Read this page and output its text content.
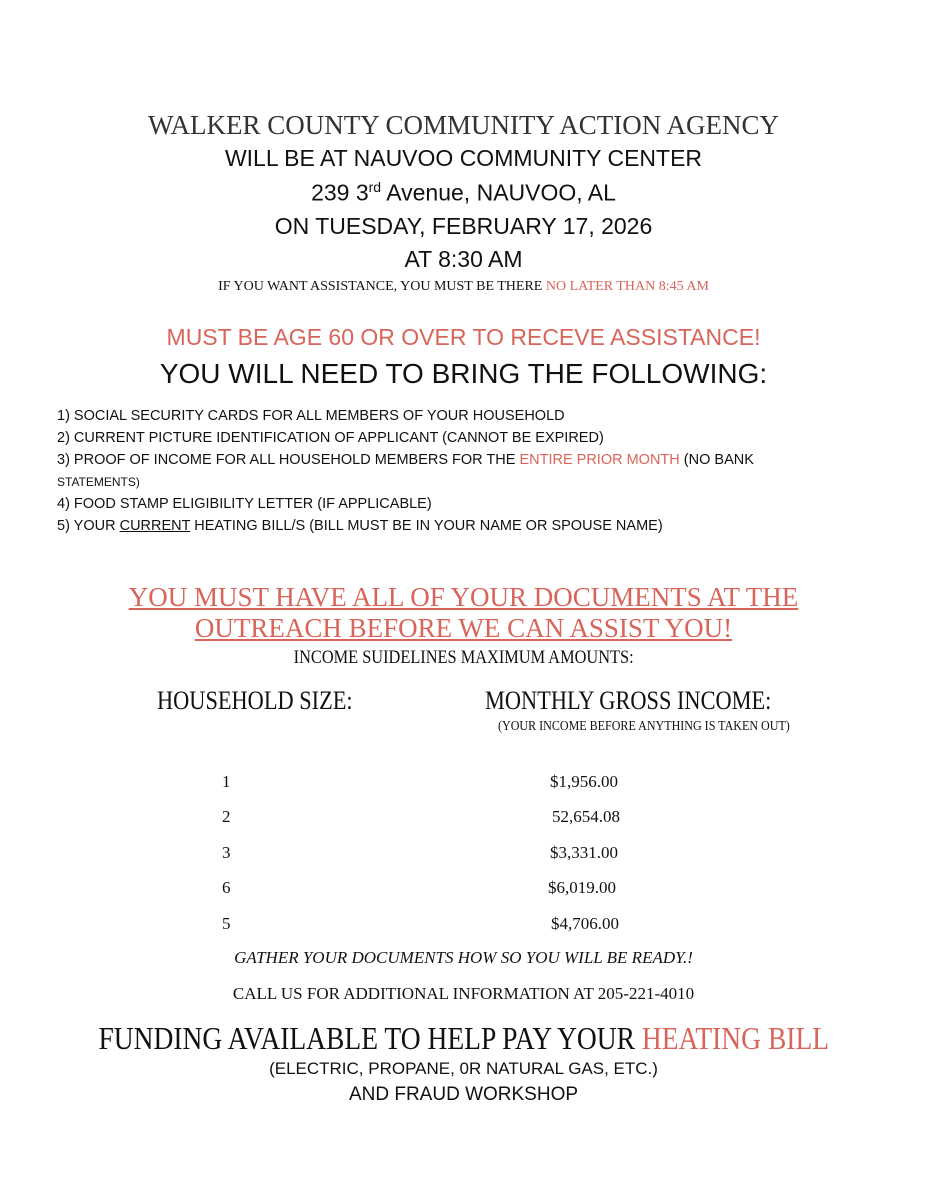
WALKER COUNTY COMMUNITY ACTION AGENCY
WILL BE AT NAUVOO COMMUNITY CENTER
239 3rd Avenue, NAUVOO, AL
ON TUESDAY, FEBRUARY 17, 2026
AT 8:30 AM
IF YOU WANT ASSISTANCE, YOU MUST BE THERE NO LATER THAN 8:45 AM
MUST BE AGE 60 OR OVER TO RECEVE ASSISTANCE!
YOU WILL NEED TO BRING THE FOLLOWING:
1) SOCIAL SECURITY CARDS FOR ALL MEMBERS OF YOUR HOUSEHOLD
2) CURRENT PICTURE IDENTIFICATION OF APPLICANT (CANNOT BE EXPIRED)
3) PROOF OF INCOME FOR ALL HOUSEHOLD MEMBERS FOR THE ENTIRE PRIOR MONTH (NO BANK
STATEMENTS)
4) FOOD STAMP ELIGIBILITY LETTER (IF APPLICABLE)
5) YOUR CURRENT HEATING BILL/S (BILL MUST BE IN YOUR NAME OR SPOUSE NAME)
YOU MUST HAVE ALL OF YOUR DOCUMENTS AT THE
OUTREACH BEFORE WE CAN ASSIST YOU!
INCOME SUIDELINES MAXIMUM AMOUNTS:
HOUSEHOLD SIZE:	MONTHLY GROSS INCOME:
(YOUR INCOME BEFORE ANYTHING IS TAKEN OUT)
1	$1,956.00
2	52,654.08
3	$3,331.00
6	$6,019.00
5	$4,706.00
GATHER YOUR DOCUMENTS HOW SO YOU WILL BE READY.!
CALL US FOR ADDITIONAL INFORMATION AT 205-221-4010
FUNDING AVAILABLE TO HELP PAY YOUR HEATING BILL
(ELECTRIC, PROPANE, 0R NATURAL GAS, ETC.)
AND FRAUD WORKSHOP
